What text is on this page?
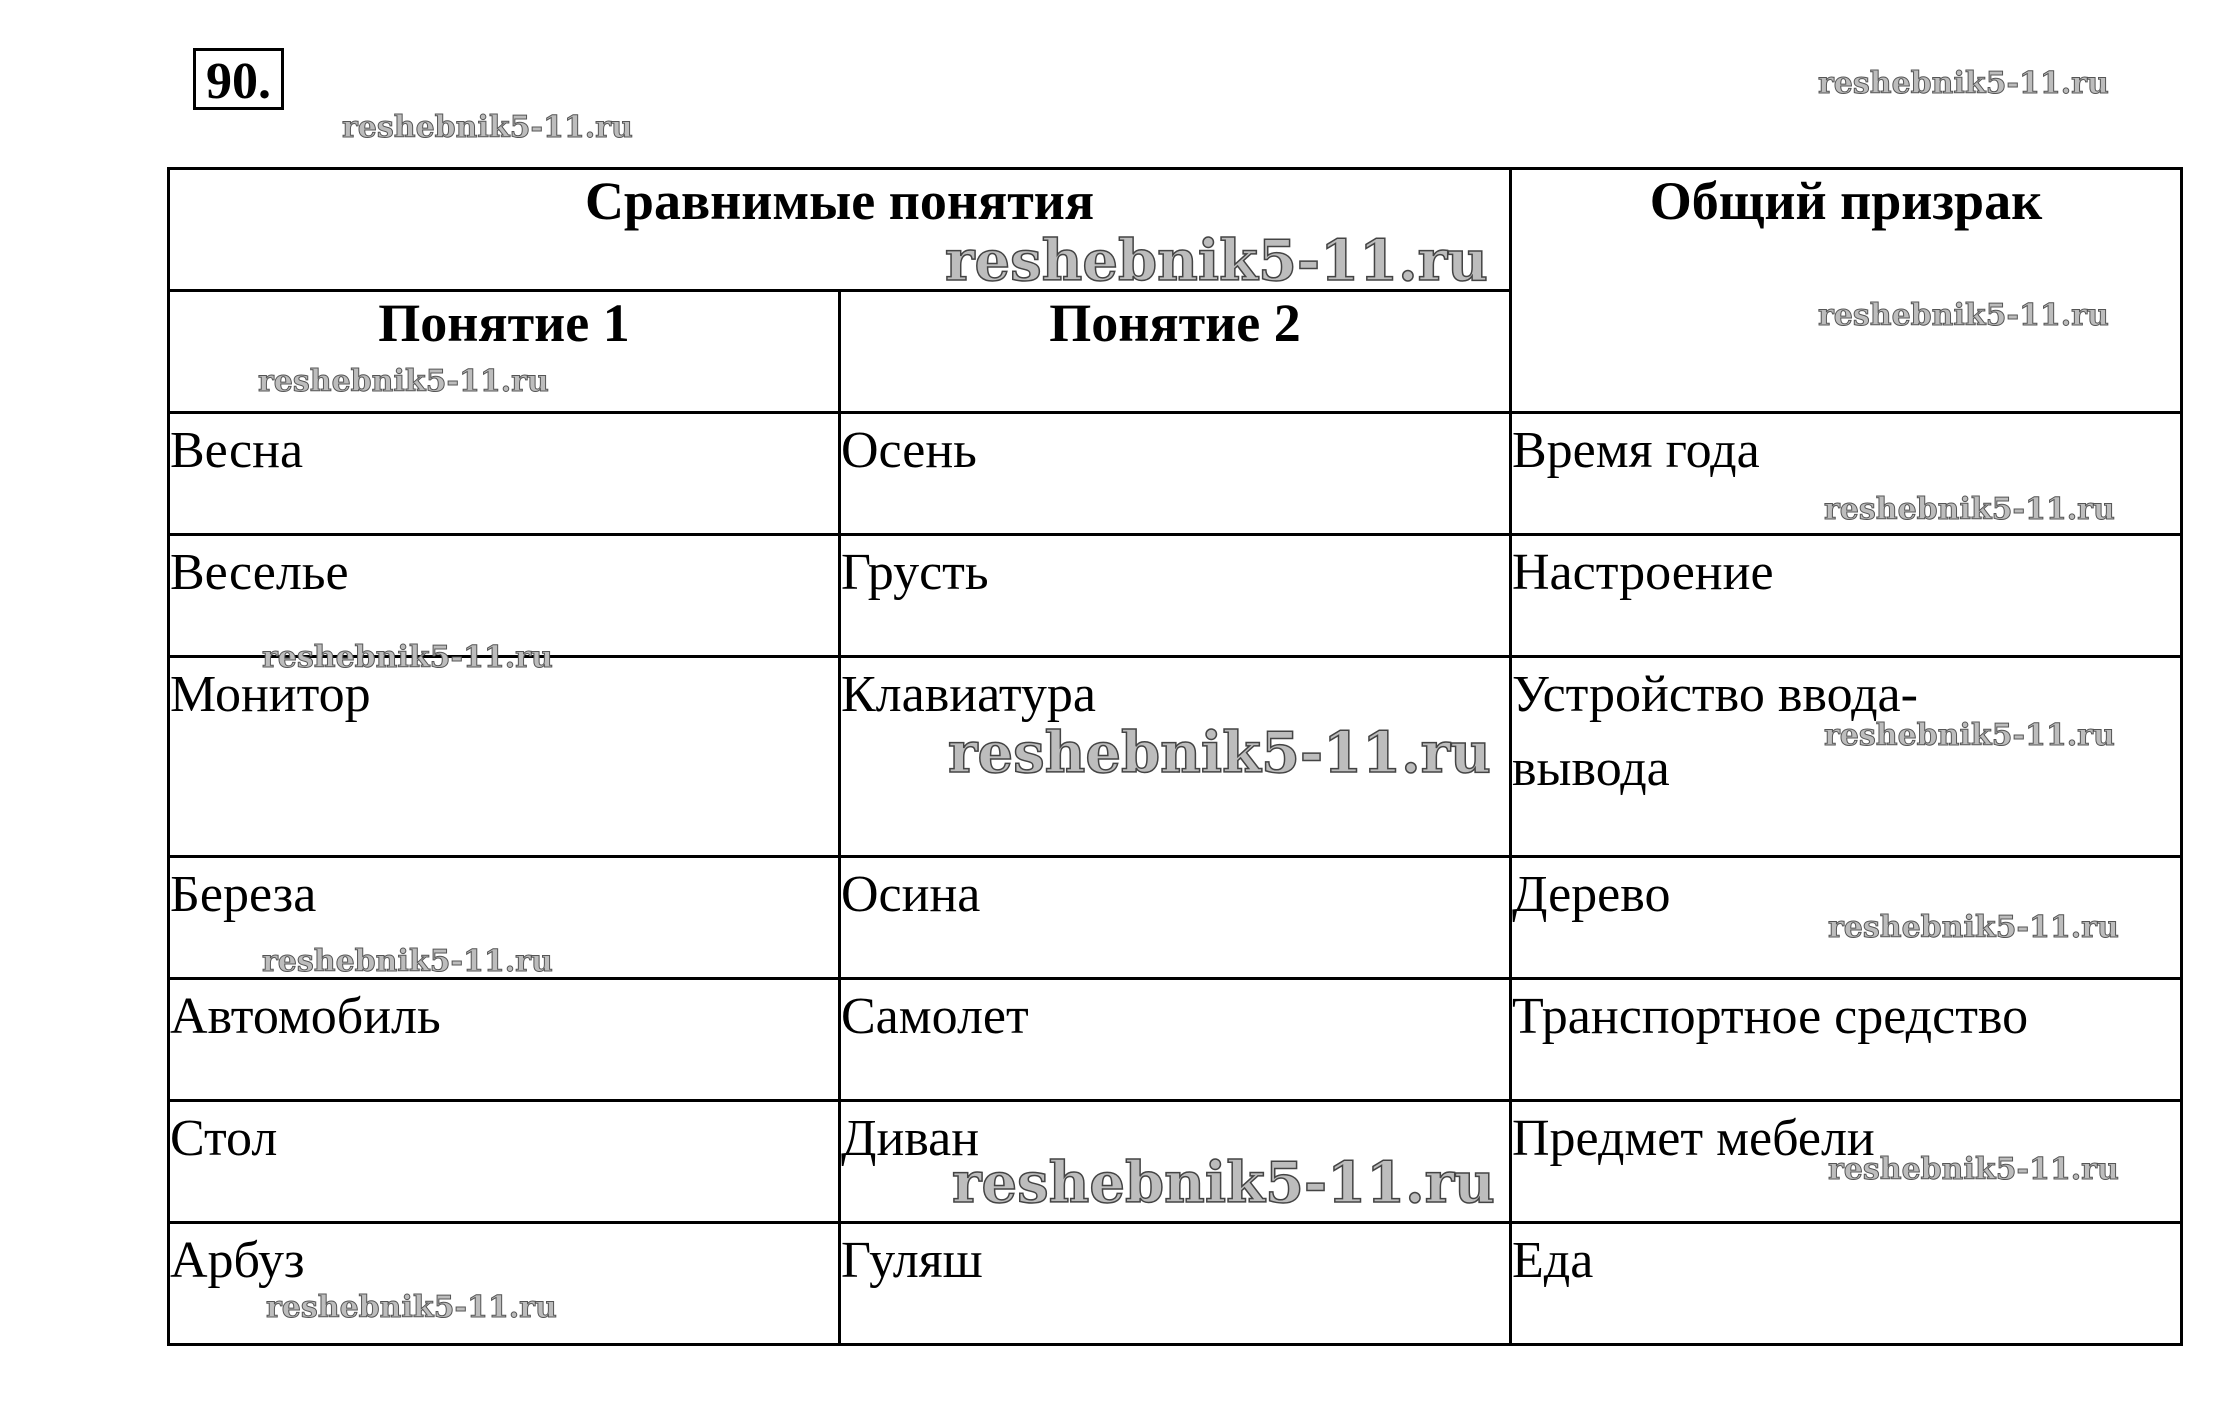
90.
Сравнимые понятия		Общий призрак
Понятие 1	Понятие 2	
Весна	Осень	Время года
Веселье	Грусть	Настроение
Монитор	Клавиатура	Устройство ввода-вывода
Береза	Осина	Дерево
Автомобиль	Самолет	Транспортное средство
Стол	Диван	Предмет мебели
Арбуз	Гуляш	Еда
reshebnik5-11.ru
reshebnik5-11.ru
reshebnik5-11.ru
reshebnik5-11.ru
reshebnik5-11.ru
reshebnik5-11.ru
reshebnik5-11.ru
reshebnik5-11.ru	reshebnik5-11.ru
reshebnik5-11.ru
reshebnik5-11.ru
reshebnik5-11.ru	reshebnik5-11.ru
reshebnik5-11.ru
